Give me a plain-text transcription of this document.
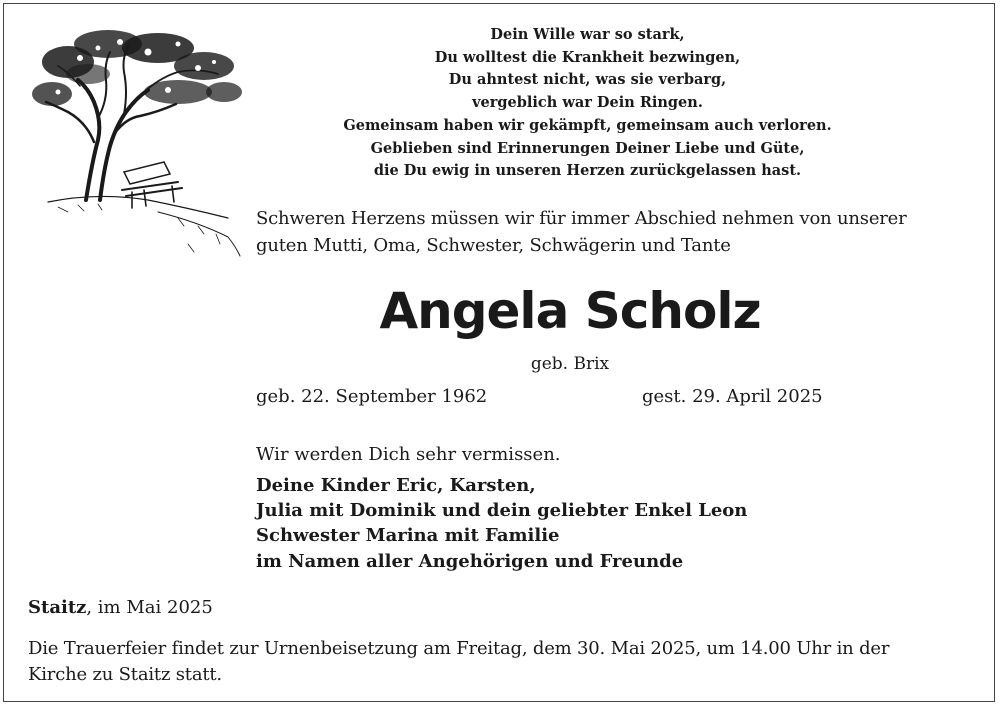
Dein Wille war so stark,
Du wolltest die Krankheit bezwingen,
Du ahntest nicht, was sie verbarg,
vergeblich war Dein Ringen.
Gemeinsam haben wir gekämpft, gemeinsam auch verloren.
Geblieben sind Erinnerungen Deiner Liebe und Güte,
die Du ewig in unseren Herzen zurückgelassen hast.
Schweren Herzens müssen wir für immer Abschied nehmen von unserer
guten Mutti, Oma, Schwester, Schwägerin und Tante
Angela Scholz
geb. Brix
geb. 22. September 1962	gest. 29. April 2025
Wir werden Dich sehr vermissen.
Deine Kinder Eric, Karsten,
Julia mit Dominik und dein geliebter Enkel Leon
Schwester Marina mit Familie
im Namen aller Angehörigen und Freunde
Staitz, im Mai 2025
Die Trauerfeier findet zur Urnenbeisetzung am Freitag, dem 30. Mai 2025, um 14.00 Uhr in der
Kirche zu Staitz statt.
